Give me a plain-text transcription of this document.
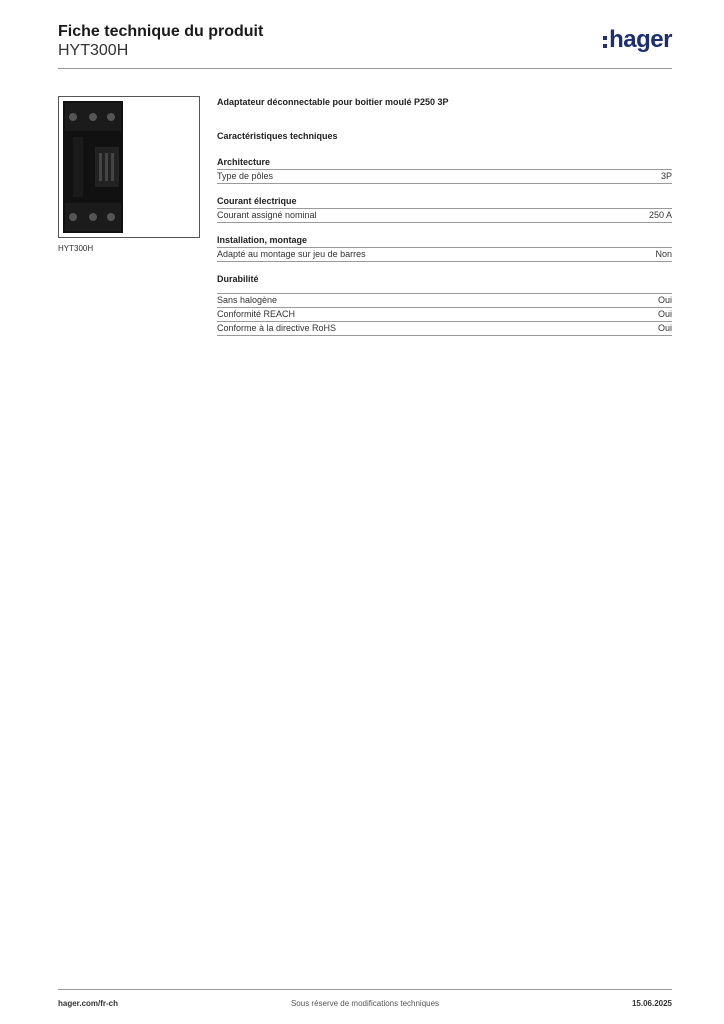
Fiche technique du produit
HYT300H	hager
HYT300H
Adaptateur déconnectable pour boitier moulé P250 3P
Caractéristiques techniques
Architecture
Type de pôles	3P
Courant électrique
Courant assigné nominal	250 A
Installation, montage
Adapté au montage sur jeu de barres	Non
Durabilité
Sans halogène	Oui
Conformité REACH	Oui
Conforme à la directive RoHS	Oui
hager.com/fr-ch	Sous réserve de modifications techniques	15.06.2025
